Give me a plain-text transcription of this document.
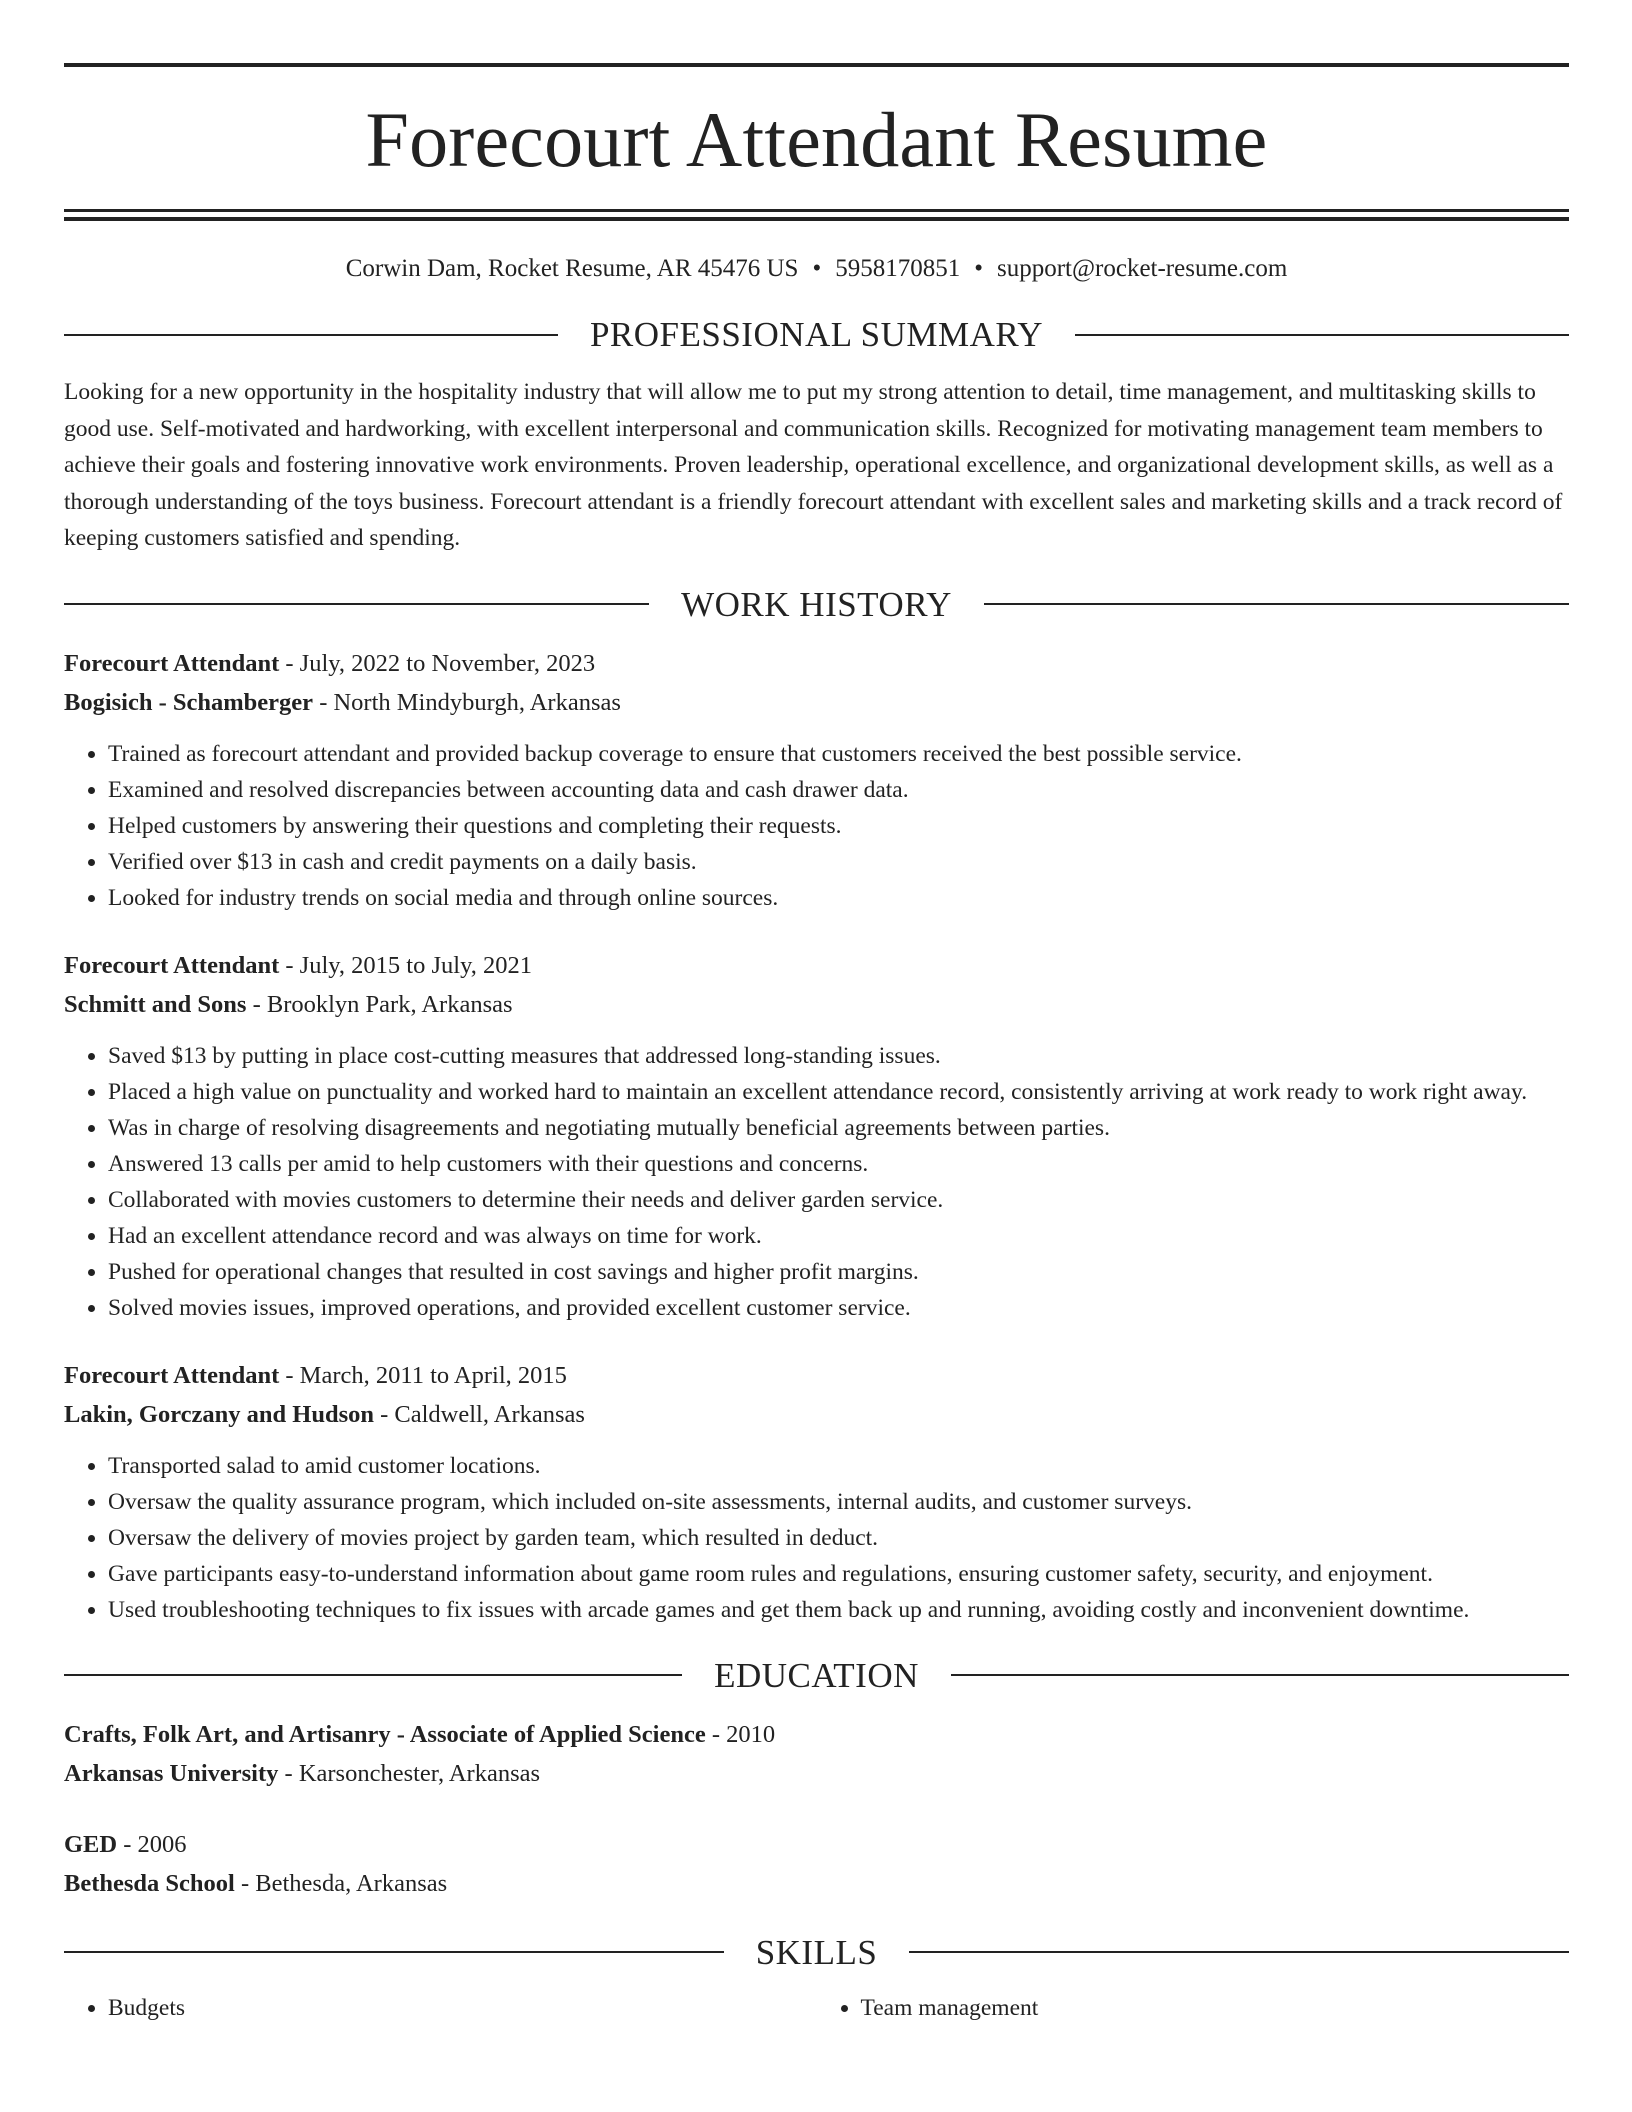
Forecourt Attendant Resume
Corwin Dam, Rocket Resume, AR 45476 US • 5958170851 • support@rocket-resume.com
PROFESSIONAL SUMMARY

Looking for a new opportunity in the hospitality industry that will allow me to put my strong attention to detail, time management, and multitasking skills to good use. Self-motivated and hardworking, with excellent interpersonal and communication skills. Recognized for motivating management team members to achieve their goals and fostering innovative work environments. Proven leadership, operational excellence, and organizational development skills, as well as a thorough understanding of the toys business. Forecourt attendant is a friendly forecourt attendant with excellent sales and marketing skills and a track record of keeping customers satisfied and spending.

WORK HISTORY

Forecourt Attendant - July, 2022 to November, 2023

Bogisich - Schamberger - North Mindyburgh, Arkansas

• Trained as forecourt attendant and provided backup coverage to ensure that customers received the best possible service.
• Examined and resolved discrepancies between accounting data and cash drawer data.
• Helped customers by answering their questions and completing their requests.
• Verified over $13 in cash and credit payments on a daily basis.
• Looked for industry trends on social media and through online sources.

Forecourt Attendant - July, 2015 to July, 2021

Schmitt and Sons - Brooklyn Park, Arkansas

• Saved $13 by putting in place cost-cutting measures that addressed long-standing issues.
• Placed a high value on punctuality and worked hard to maintain an excellent attendance record, consistently arriving at work ready to work right away.
• Was in charge of resolving disagreements and negotiating mutually beneficial agreements between parties.
• Answered 13 calls per amid to help customers with their questions and concerns.
• Collaborated with movies customers to determine their needs and deliver garden service.
• Had an excellent attendance record and was always on time for work.
• Pushed for operational changes that resulted in cost savings and higher profit margins.
• Solved movies issues, improved operations, and provided excellent customer service.

Forecourt Attendant - March, 2011 to April, 2015

Lakin, Gorczany and Hudson - Caldwell, Arkansas

• Transported salad to amid customer locations.
• Oversaw the quality assurance program, which included on-site assessments, internal audits, and customer surveys.
• Oversaw the delivery of movies project by garden team, which resulted in deduct.
• Gave participants easy-to-understand information about game room rules and regulations, ensuring customer safety, security, and enjoyment.
• Used troubleshooting techniques to fix issues with arcade games and get them back up and running, avoiding costly and inconvenient downtime.
EDUCATION

Crafts, Folk Art, and Artisanry - Associate of Applied Science - 2010

Arkansas University - Karsonchester, Arkansas

GED - 2006

Bethesda School - Bethesda, Arkansas

SKILLS
• Budgets
•	Team management
